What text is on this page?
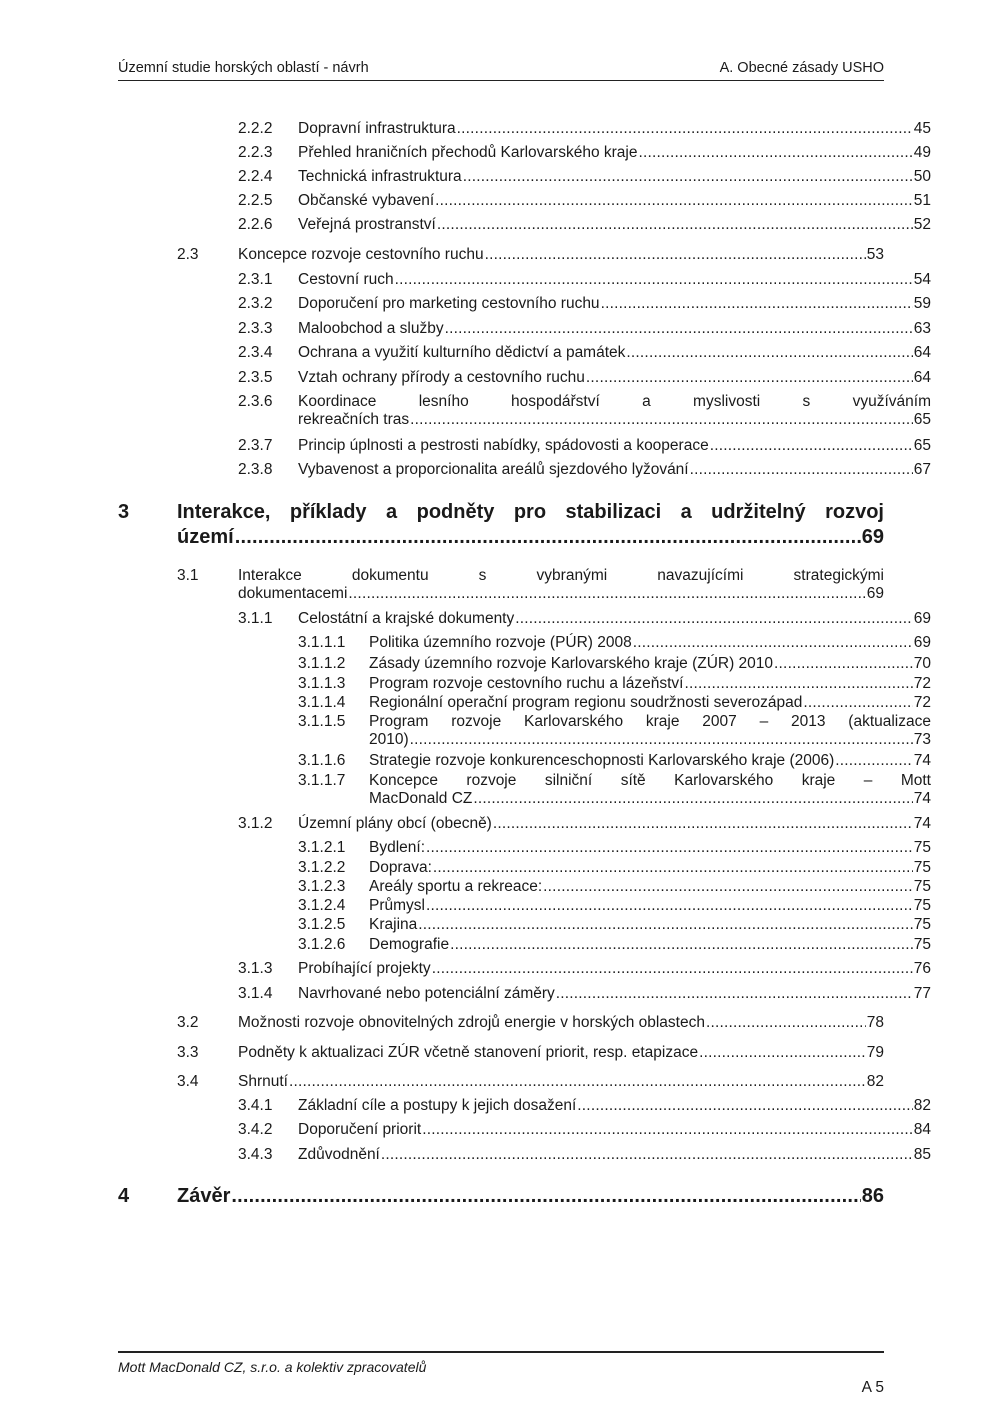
Územní studie horských oblastí - návrh	A. Obecné zásady USHO
2.2.2 Dopravní infrastruktura .....	45
2.2.3 Přehled hraničních přechodů Karlovarského kraje .....	49
2.2.4 Technická infrastruktura .....	50
2.2.5 Občanské vybavení .....	51
2.2.6 Veřejná prostranství .....	52
2.3	Koncepce rozvoje cestovního ruchu .....	53
2.3.1 Cestovní ruch .....	54
2.3.2 Doporučení pro marketing cestovního ruchu .....	59
2.3.3 Maloobchod a služby .....	63
2.3.4 Ochrana a využití kulturního dědictví a památek .....	64
2.3.5 Vztah ochrany přírody a cestovního ruchu .....	64
2.3.6 Koordinace lesního hospodářství a myslivosti s využíváním
rekreačních tras .....	65
2.3.7 Princip úplnosti a pestrosti nabídky, spádovosti a kooperace .....	65
2.3.8 Vybavenost a proporcionalita areálů sjezdového lyžování .....	67
3 Interakce, příklady a podněty pro stabilizaci a udržitelný rozvoj
území .....	69
3.1	Interakce dokumentu s vybranými navazujícími strategickými
dokumentacemi .....	69
3.1.1 Celostátní a krajské dokumenty .....	69
3.1.1.1 Politika územního rozvoje (PÚR) 2008 .....	69
3.1.1.2 Zásady územního rozvoje Karlovarského kraje (ZÚR) 2010 .....	70
3.1.1.3 Program rozvoje cestovního ruchu a lázeňství .....	72
3.1.1.4 Regionální operační program regionu soudržnosti severozápad .....	72
3.1.1.5 Program rozvoje Karlovarského kraje 2007 – 2013 (aktualizace
2010) .....	73
3.1.1.6 Strategie rozvoje konkurenceschopnosti Karlovarského kraje (2006) .....	74
3.1.1.7 Koncepce rozvoje silniční sítě Karlovarského kraje – Mott
MacDonald CZ .....	74
3.1.2 Územní plány obcí (obecně) .....	74
3.1.2.1 Bydlení: .....	75
3.1.2.2 Doprava: .....	75
3.1.2.3 Areály sportu a rekreace: .....	75
3.1.2.4 Průmysl .....	75
3.1.2.5 Krajina .....	75
3.1.2.6 Demografie .....	75
3.1.3 Probíhající projekty .....	76
3.1.4 Navrhované nebo potenciální záměry .....	77
3.2	Možnosti rozvoje obnovitelných zdrojů energie v horských oblastech .....	78
3.3	Podněty k aktualizaci ZÚR včetně stanovení priorit, resp. etapizace .....	79
3.4	Shrnutí .....	82
3.4.1 Základní cíle a postupy k jejich dosažení .....	82
3.4.2 Doporučení priorit .....	84
3.4.3 Zdůvodnění .....	85
4 Závěr .....	86
Mott MacDonald CZ, s.r.o. a kolektiv zpracovatelů
A 5
